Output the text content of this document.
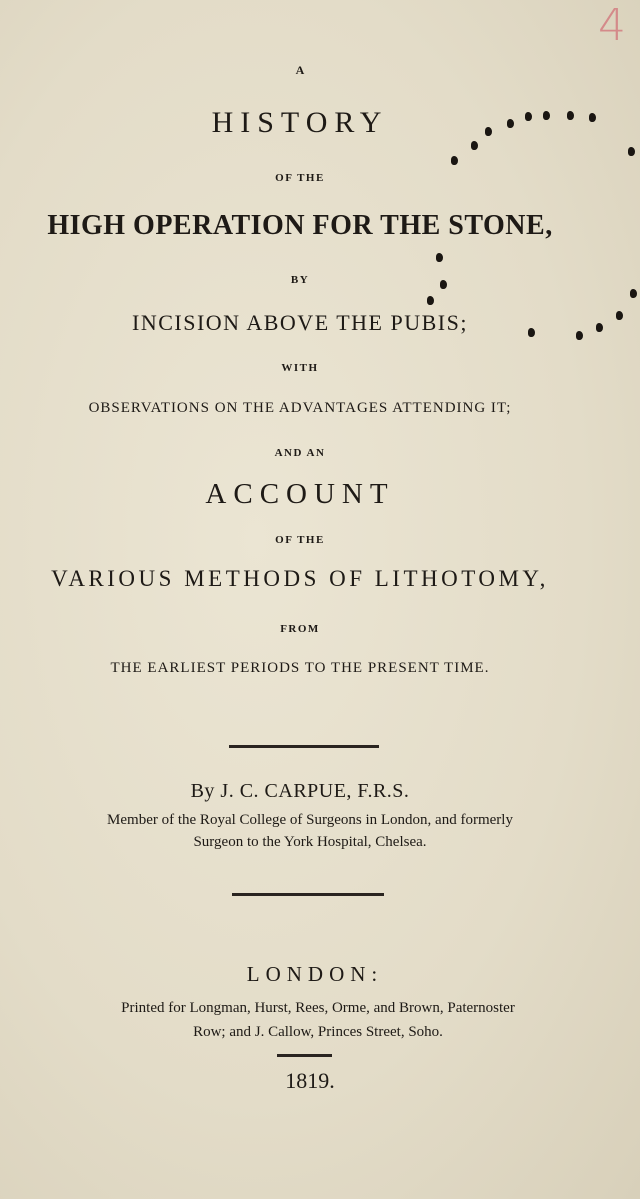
4
A
HISTORY
OF THE
HIGH OPERATION FOR THE STONE,
BY
INCISION ABOVE THE PUBIS;
WITH
OBSERVATIONS ON THE ADVANTAGES ATTENDING IT;
AND AN
ACCOUNT
OF THE
VARIOUS METHODS OF LITHOTOMY,
FROM
THE EARLIEST PERIODS TO THE PRESENT TIME.
By J. C. CARPUE, F.R.S.
Member of the Royal College of Surgeons in London, and formerly
Surgeon to the York Hospital, Chelsea.
LONDON:
Printed for Longman, Hurst, Rees, Orme, and Brown, Paternoster
Row; and J. Callow, Princes Street, Soho.
1819.
